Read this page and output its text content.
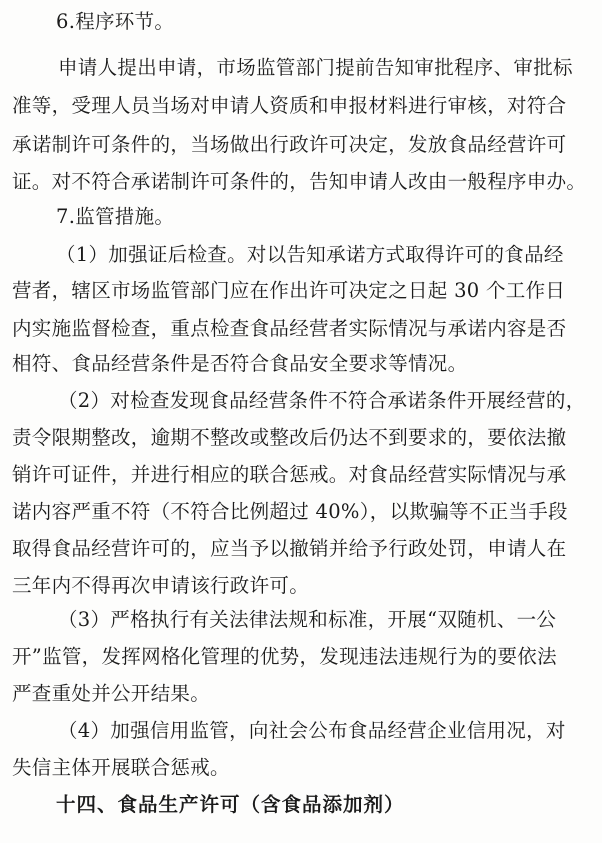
6.程序环节。
申请人提出申请，市场监管部门提前告知审批程序、审批标
准等，受理人员当场对申请人资质和申报材料进行审核，对符合
承诺制许可条件的，当场做出行政许可决定，发放食品经营许可
证。对不符合承诺制许可条件的，告知申请人改由一般程序申办。
7.监管措施。
（1）加强证后检查。对以告知承诺方式取得许可的食品经
营者，辖区市场监管部门应在作出许可决定之日起 30 个工作日
内实施监督检查，重点检查食品经营者实际情况与承诺内容是否
相符、食品经营条件是否符合食品安全要求等情况。
（2）对检查发现食品经营条件不符合承诺条件开展经营的，
责令限期整改，逾期不整改或整改后仍达不到要求的，要依法撤
销许可证件，并进行相应的联合惩戒。对食品经营实际情况与承
诺内容严重不符（不符合比例超过 40%），以欺骗等不正当手段
取得食品经营许可的，应当予以撤销并给予行政处罚，申请人在
三年内不得再次申请该行政许可。
（3）严格执行有关法律法规和标准，开展“双随机、一公
开”监管，发挥网格化管理的优势，发现违法违规行为的要依法
严查重处并公开结果。
（4）加强信用监管，向社会公布食品经营企业信用况，对
失信主体开展联合惩戒。
十四、食品生产许可（含食品添加剂）
